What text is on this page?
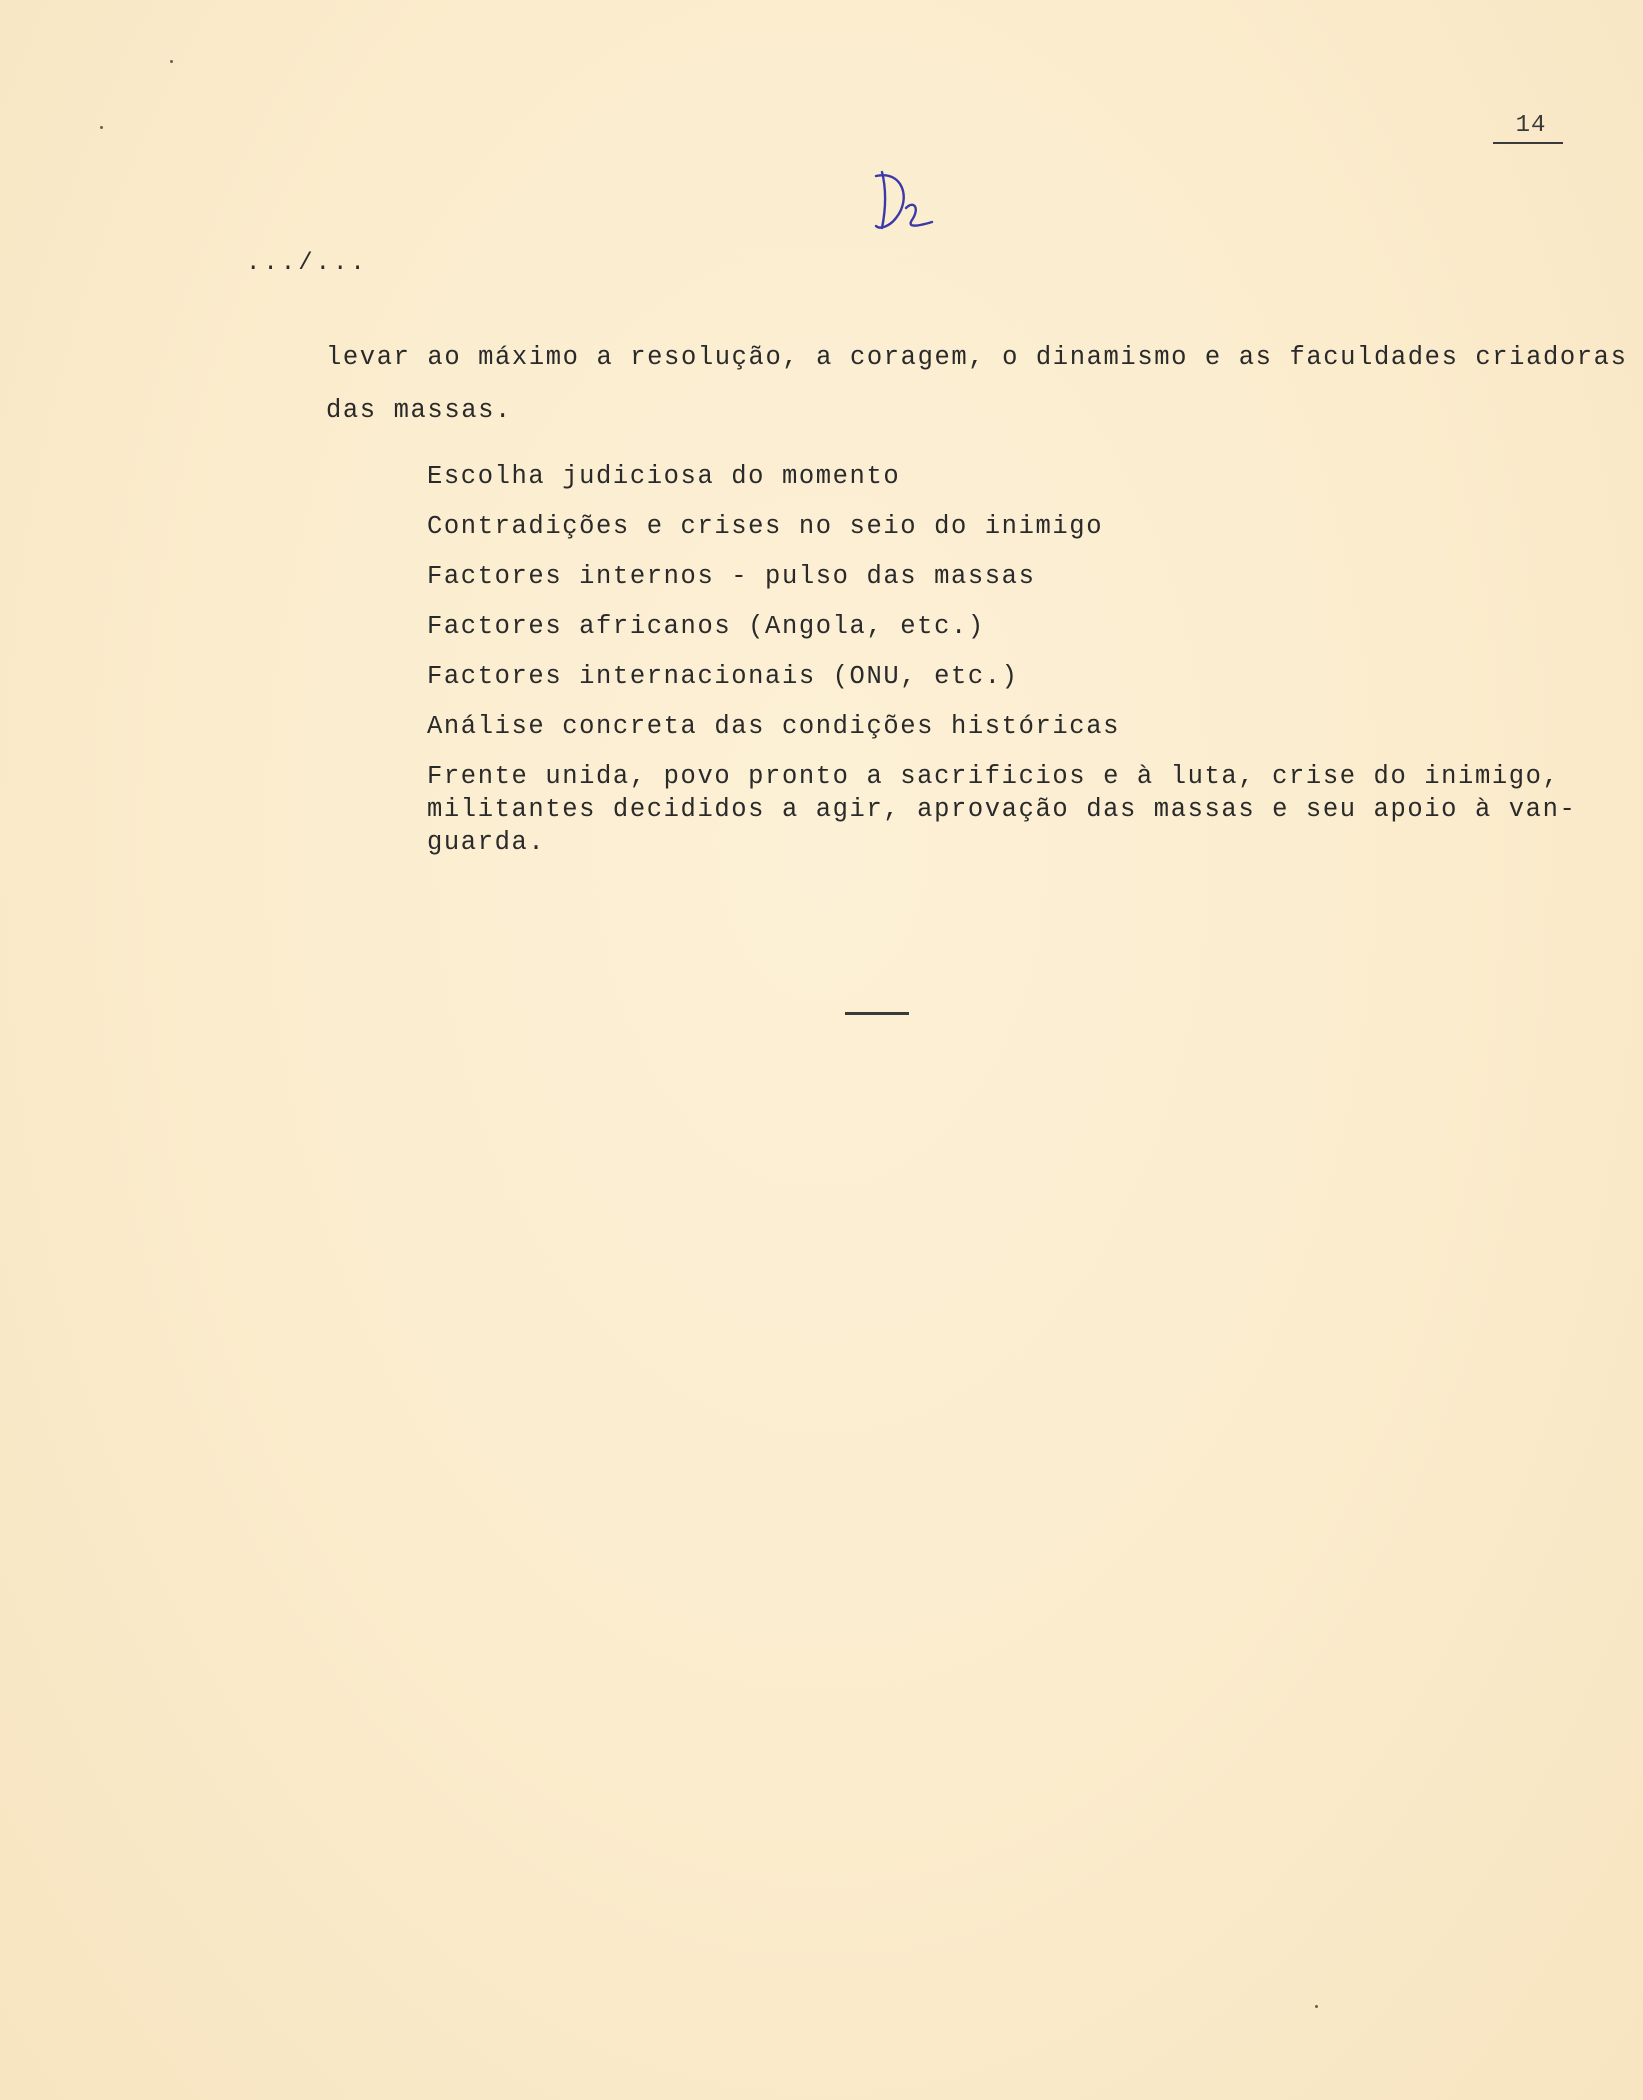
14
.../...
levar ao máximo a resolução, a coragem, o dinamismo e as faculdades criadoras
das massas.
Escolha judiciosa do momento
Contradições e crises no seio do inimigo
Factores internos - pulso das massas
Factores africanos (Angola, etc.)
Factores internacionais (ONU, etc.)
Análise concreta das condições históricas
Frente unida, povo pronto a sacrificios e à luta, crise do inimigo,
militantes decididos a agir, aprovação das massas e seu apoio à van-
guarda.
